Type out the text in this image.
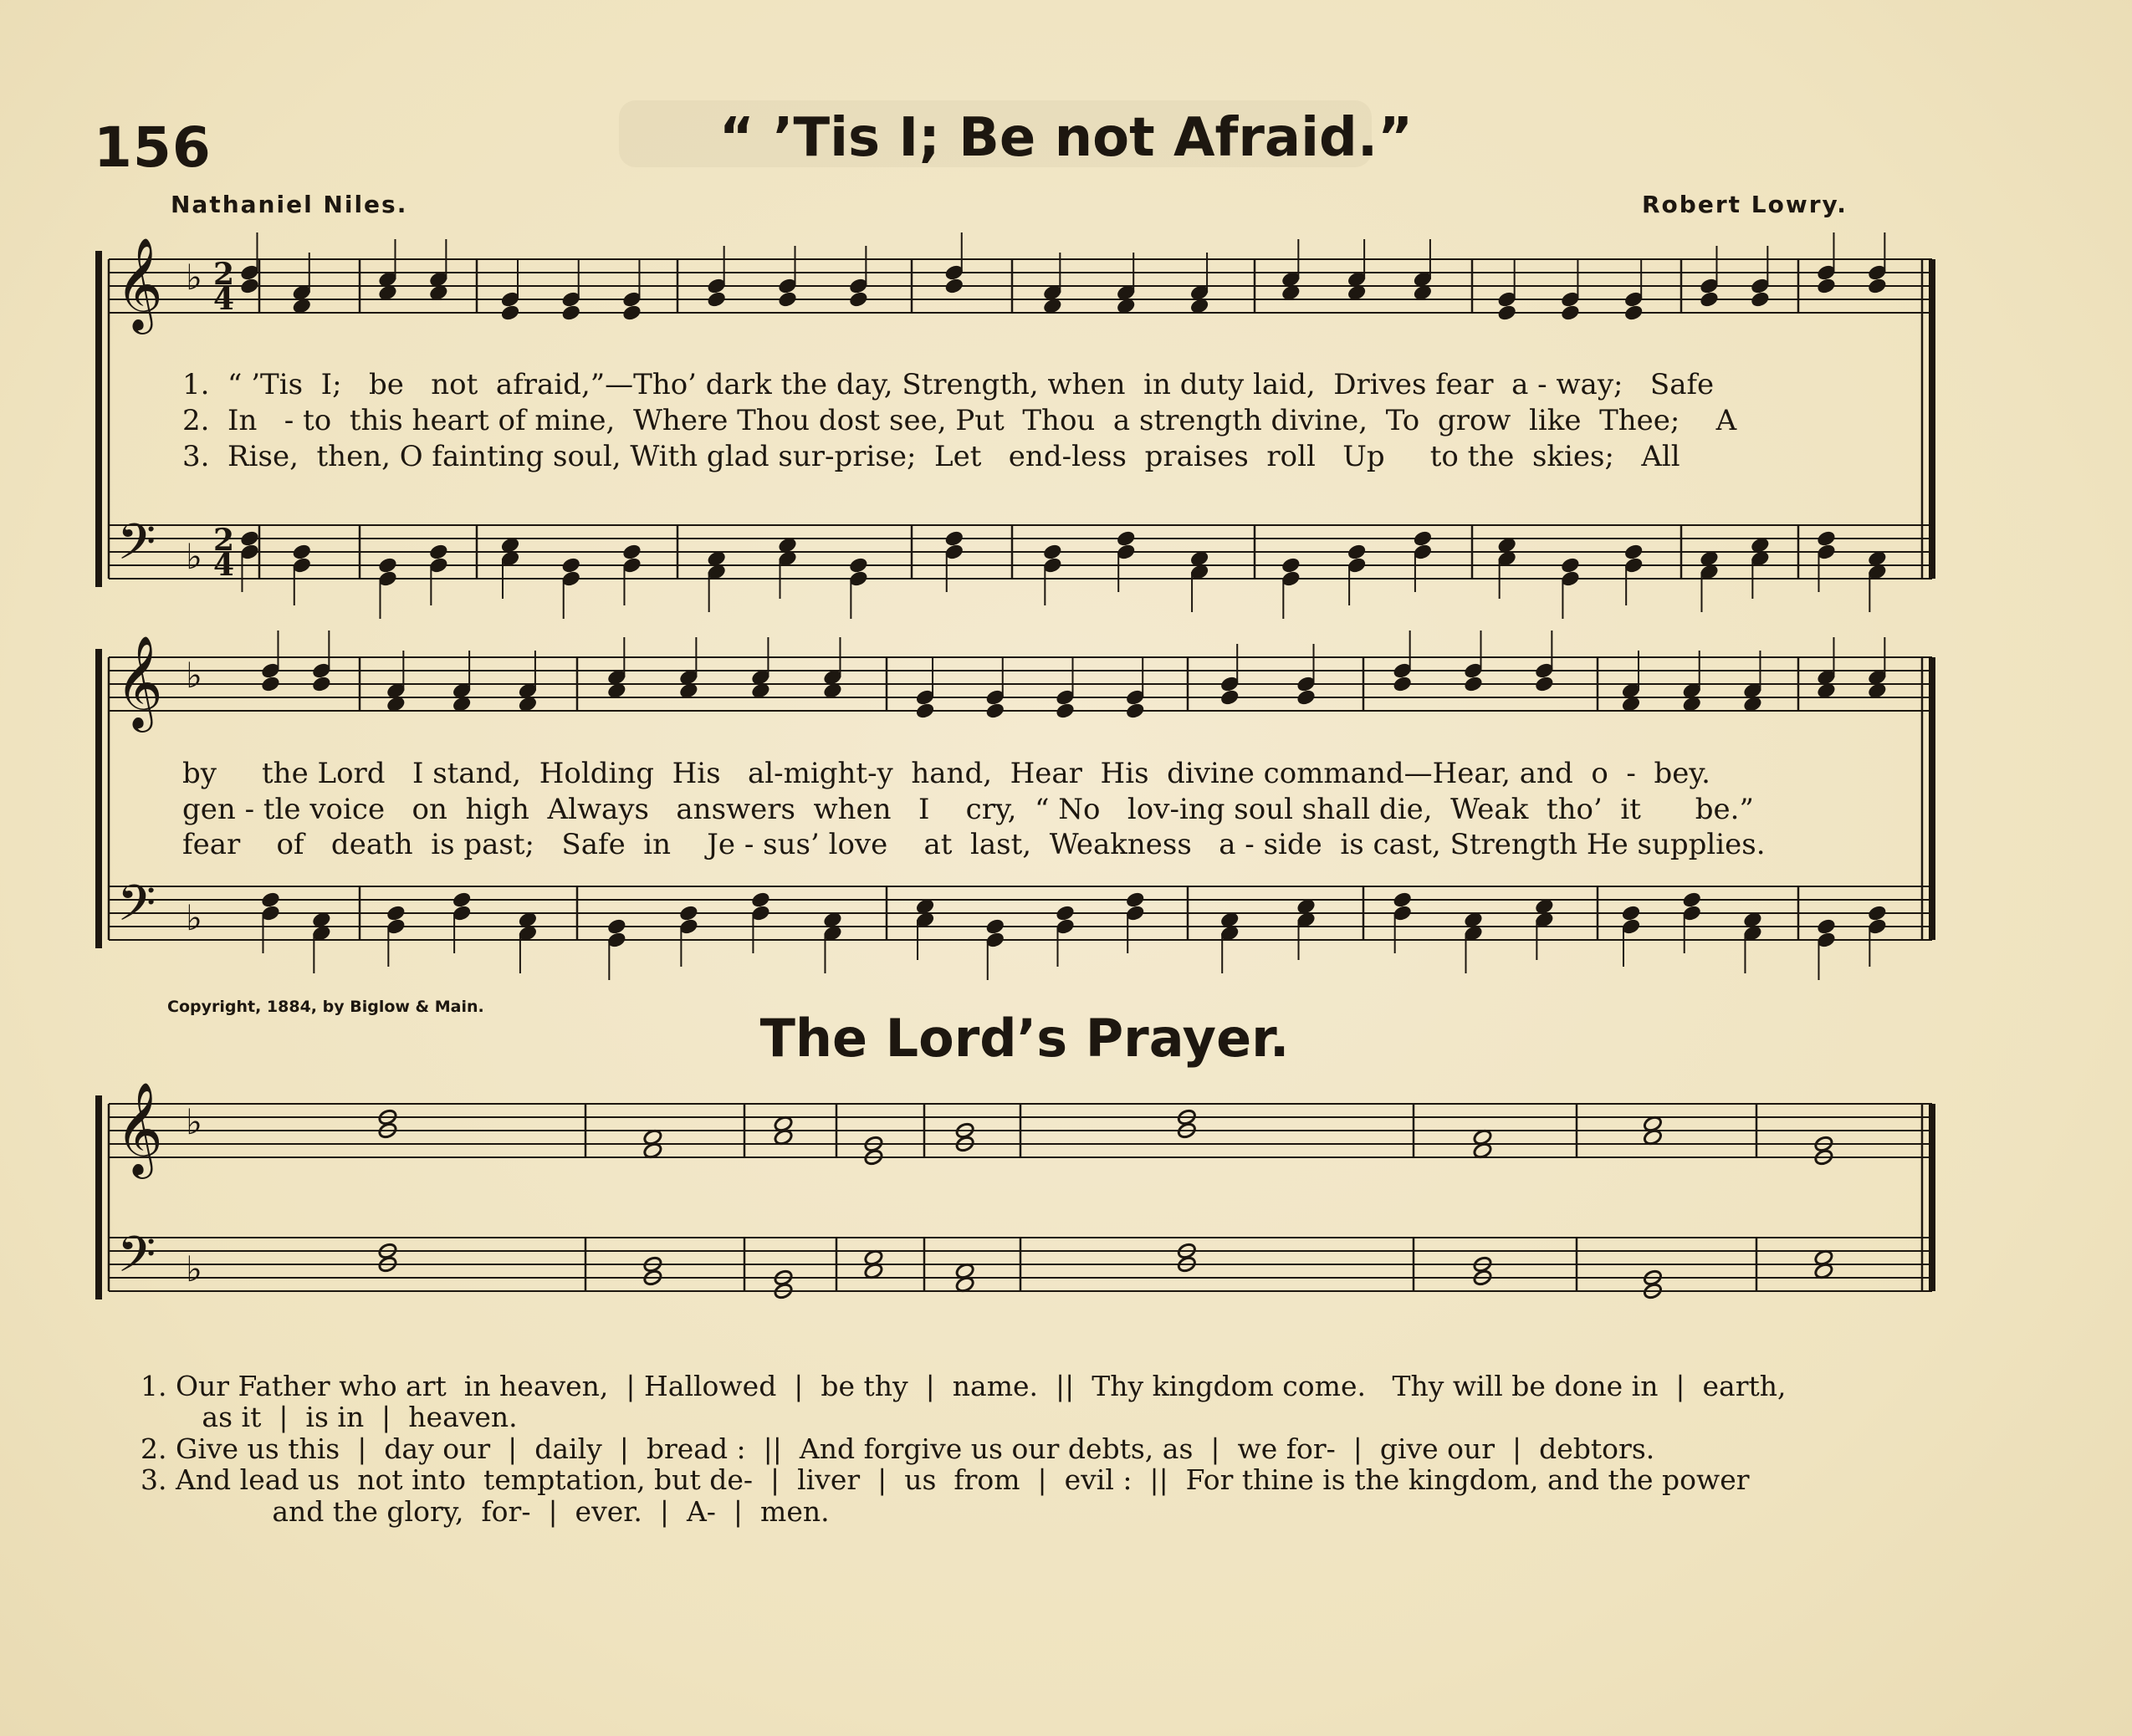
156	“ ’Tis I; Be not Afraid.”
Nathaniel Niles.	Robert Lowry.
𝄞
𝄢
♭
♭
2
2
4
4
𝄞
𝄢
♭
♭
𝄞
𝄢
♭
♭
1.  “ ’Tis  I;   be   not  afraid,”—Tho’ dark the day, Strength, when  in duty laid,  Drives fear  a - way;   Safe
2.  In   - to  this heart of mine,  Where Thou dost see, Put  Thou  a strength divine,  To  grow  like  Thee;    A
3.  Rise,  then, O fainting soul, With glad sur-prise;  Let   end-less  praises  roll   Up     to the  skies;   All
by     the Lord   I stand,  Holding  His   al-might-y  hand,  Hear  His  divine command—Hear, and  o  -  bey.
gen - tle voice   on  high  Always   answers  when   I    cry,  “ No   lov-ing soul shall die,  Weak  tho’  it      be.”
fear    of   death  is past;   Safe  in    Je - sus’ love    at  last,  Weakness   a - side  is cast, Strength He supplies.
Copyright, 1884, by Biglow & Main.
The Lord’s Prayer.
1. Our Father who art  in heaven,  | Hallowed  |  be thy  |  name.  ||  Thy kingdom come.   Thy will be done in  |  earth,
as it  |  is in  |  heaven.
2. Give us this  |  day our  |  daily  |  bread :  ||  And forgive us our debts, as  |  we for-  |  give our  |  debtors.
3. And lead us  not into  temptation, but de-  |  liver  |  us  from  |  evil :  ||  For thine is the kingdom, and the power
and the glory,  for-  |  ever.  |  A-  |  men.
